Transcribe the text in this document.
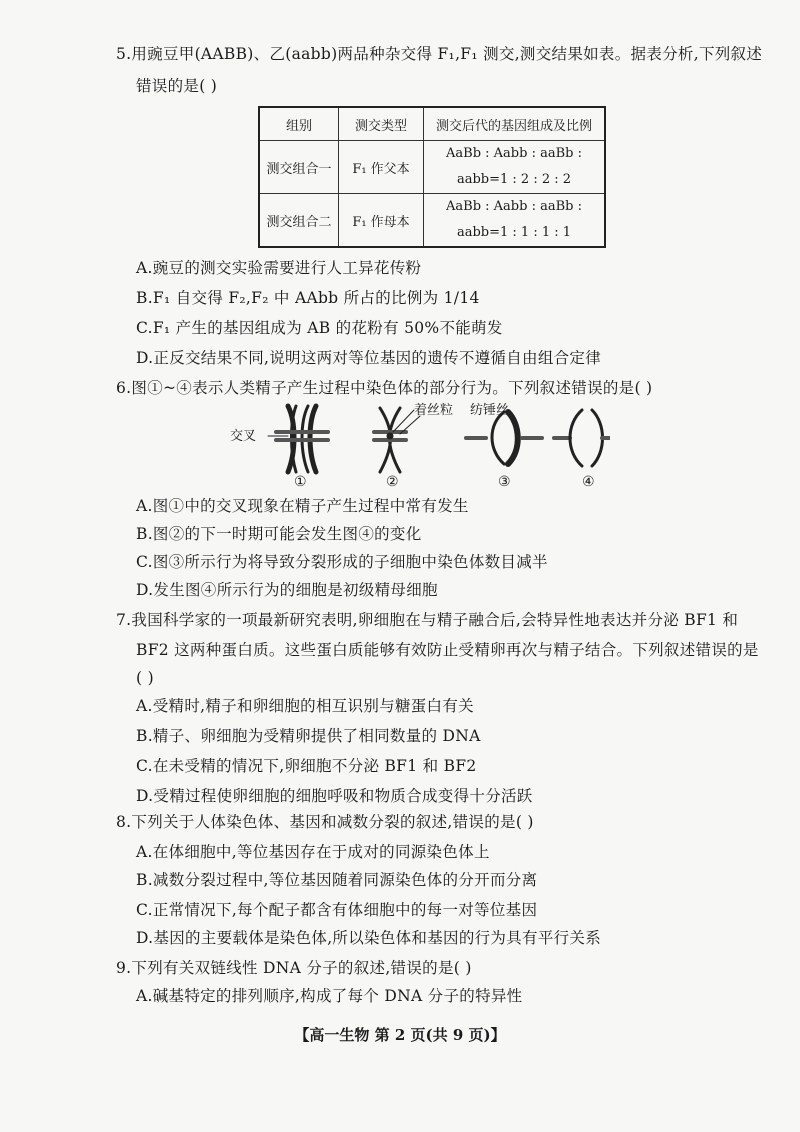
5.用豌豆甲(AABB)、乙(aabb)两品种杂交得 F₁,F₁ 测交,测交结果如表。据表分析,下列叙述
错误的是( )
组别	测交类型	测交后代的基因组成及比例
测交组合一	F₁ 作父本	AaBb : Aabb : aaBb :
aabb=1 : 2 : 2 : 2

测交组合二	F₁ 作母本	AaBb : Aabb : aaBb :
aabb=1 : 1 : 1 : 1
A.豌豆的测交实验需要进行人工异花传粉
B.F₁ 自交得 F₂,F₂ 中 AAbb 所占的比例为 1/14
C.F₁ 产生的基因组成为 AB 的花粉有 50%不能萌发
D.正反交结果不同,说明这两对等位基因的遗传不遵循自由组合定律
6.图①~④表示人类精子产生过程中染色体的部分行为。下列叙述错误的是( )
交叉
着丝粒 纺锤丝
①	②	③	④
A.图①中的交叉现象在精子产生过程中常有发生
B.图②的下一时期可能会发生图④的变化
C.图③所示行为将导致分裂形成的子细胞中染色体数目减半
D.发生图④所示行为的细胞是初级精母细胞
7.我国科学家的一项最新研究表明,卵细胞在与精子融合后,会特异性地表达并分泌 BF1 和
BF2 这两种蛋白质。这些蛋白质能够有效防止受精卵再次与精子结合。下列叙述错误的是
( )
A.受精时,精子和卵细胞的相互识别与糖蛋白有关
B.精子、卵细胞为受精卵提供了相同数量的 DNA
C.在未受精的情况下,卵细胞不分泌 BF1 和 BF2
D.受精过程使卵细胞的细胞呼吸和物质合成变得十分活跃
8.下列关于人体染色体、基因和减数分裂的叙述,错误的是( )
A.在体细胞中,等位基因存在于成对的同源染色体上
B.减数分裂过程中,等位基因随着同源染色体的分开而分离
C.正常情况下,每个配子都含有体细胞中的每一对等位基因
D.基因的主要载体是染色体,所以染色体和基因的行为具有平行关系
9.下列有关双链线性 DNA 分子的叙述,错误的是( )
A.碱基特定的排列顺序,构成了每个 DNA 分子的特异性
【高一生物 第 2 页(共 9 页)】
